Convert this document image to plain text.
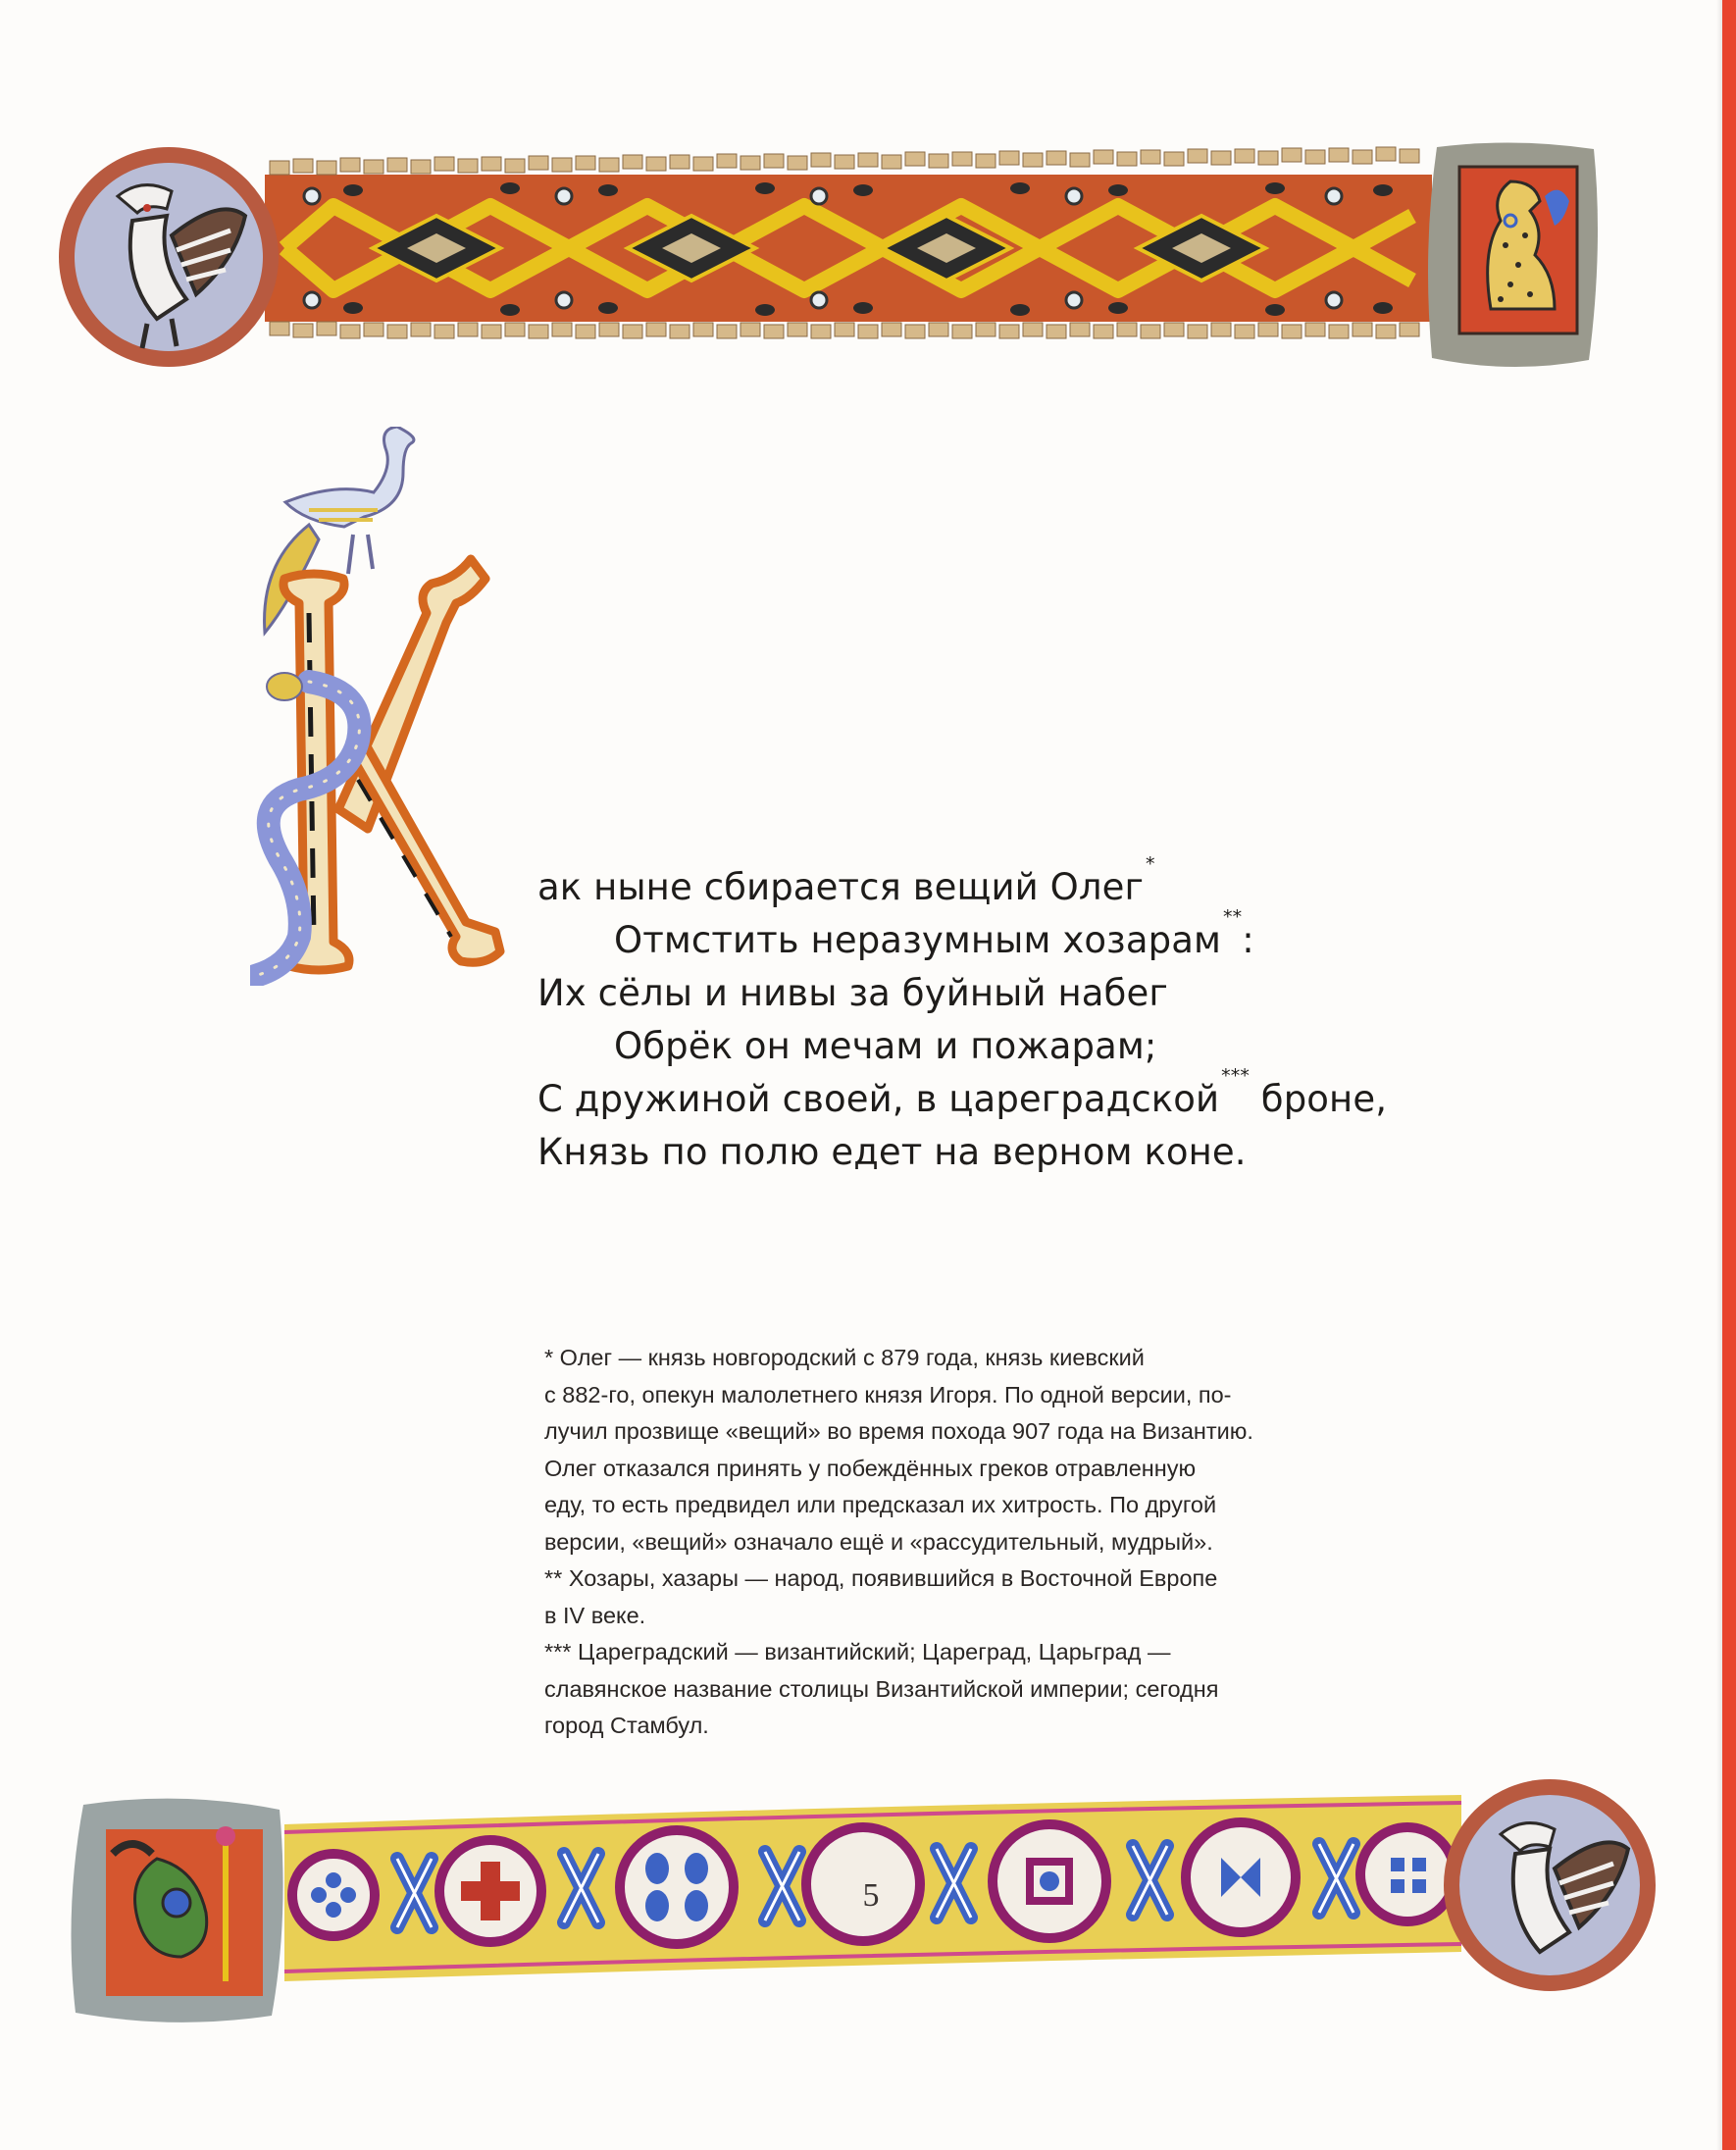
ак ныне сбирается вещий Олег*
Отмстить неразумным хозарам**:
Их сёлы и нивы за буйный набег
Обрёк он мечам и пожарам;
С дружиной своей, в цареградской*** броне,
Князь по полю едет на верном коне.
* Олег — князь новгородский с 879 года, князь киевский
с 882-го, опекун малолетнего князя Игоря. По одной версии, по-
лучил прозвище «вещий» во время похода 907 года на Византию.
Олег отказался принять у побеждённых греков отравленную
еду, то есть предвидел или предсказал их хитрость. По другой
версии, «вещий» означало ещё и «рассудительный, мудрый».
** Хозары, хазары — народ, появившийся в Восточной Европе
в IV веке.
*** Цареградский — византийский; Цареград, Царьград —
славянское название столицы Византийской империи; сегодня
город Стамбул.
5
